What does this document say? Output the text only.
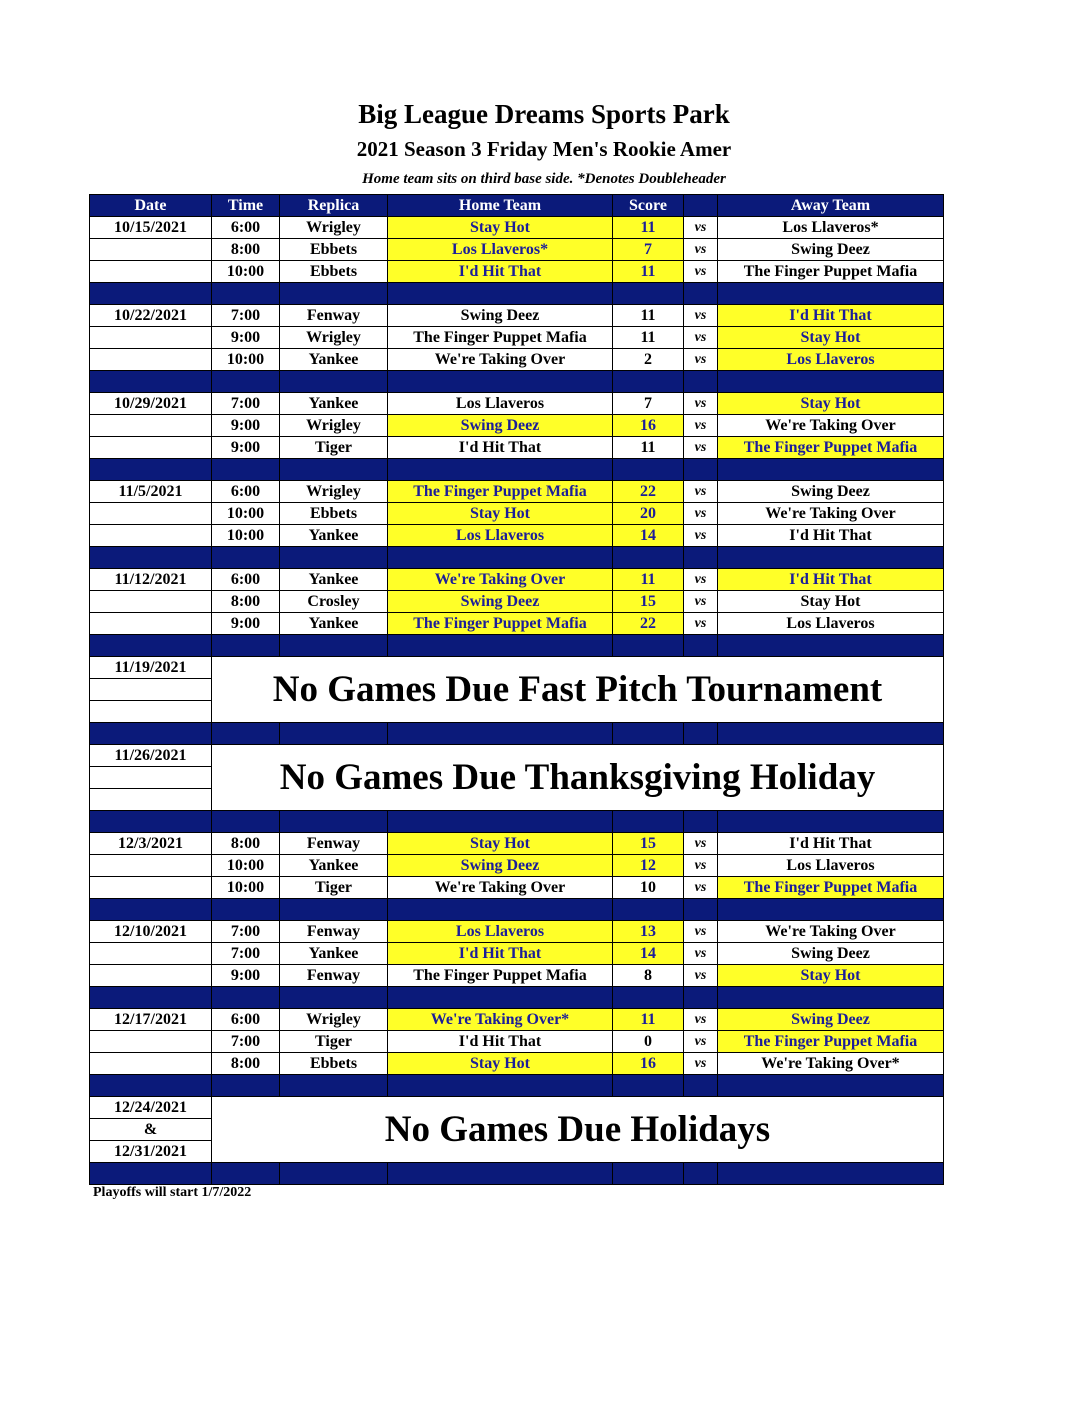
Big League Dreams Sports Park
2021 Season 3 Friday Men's Rookie Amer
Home team sits on third base side. *Denotes Doubleheader
Date	Time	Replica	Home Team	Score		Away Team
10/15/2021	6:00	Wrigley	Stay Hot	11	vs	Los Llaveros*
	8:00	Ebbets	Los Llaveros*	7	vs	Swing Deez
	10:00	Ebbets	I'd Hit That	11	vs	The Finger Puppet Mafia

10/22/2021	7:00	Fenway	Swing Deez	11	vs	I'd Hit That
	9:00	Wrigley	The Finger Puppet Mafia	11	vs	Stay Hot
	10:00	Yankee	We're Taking Over	2	vs	Los Llaveros

10/29/2021	7:00	Yankee	Los Llaveros	7	vs	Stay Hot
	9:00	Wrigley	Swing Deez	16	vs	We're Taking Over
	9:00	Tiger	I'd Hit That	11	vs	The Finger Puppet Mafia

11/5/2021	6:00	Wrigley	The Finger Puppet Mafia	22	vs	Swing Deez
	10:00	Ebbets	Stay Hot	20	vs	We're Taking Over
	10:00	Yankee	Los Llaveros	14	vs	I'd Hit That

11/12/2021	6:00	Yankee	We're Taking Over	11	vs	I'd Hit That
	8:00	Crosley	Swing Deez	15	vs	Stay Hot
	9:00	Yankee	The Finger Puppet Mafia	22	vs	Los Llaveros

11/19/2021	No Games Due Fast Pitch Tournament					

11/26/2021	No Games Due Thanksgiving Holiday					

12/3/2021	8:00	Fenway	Stay Hot	15	vs	I'd Hit That
	10:00	Yankee	Swing Deez	12	vs	Los Llaveros
	10:00	Tiger	We're Taking Over	10	vs	The Finger Puppet Mafia

12/10/2021	7:00	Fenway	Los Llaveros	13	vs	We're Taking Over
	7:00	Yankee	I'd Hit That	14	vs	Swing Deez
	9:00	Fenway	The Finger Puppet Mafia	8	vs	Stay Hot

12/17/2021	6:00	Wrigley	We're Taking Over*	11	vs	Swing Deez
	7:00	Tiger	I'd Hit That	0	vs	The Finger Puppet Mafia
	8:00	Ebbets	Stay Hot	16	vs	We're Taking Over*

12/24/2021	No Games Due Holidays					
&						
12/31/2021						

Playoffs will start 1/7/2022
